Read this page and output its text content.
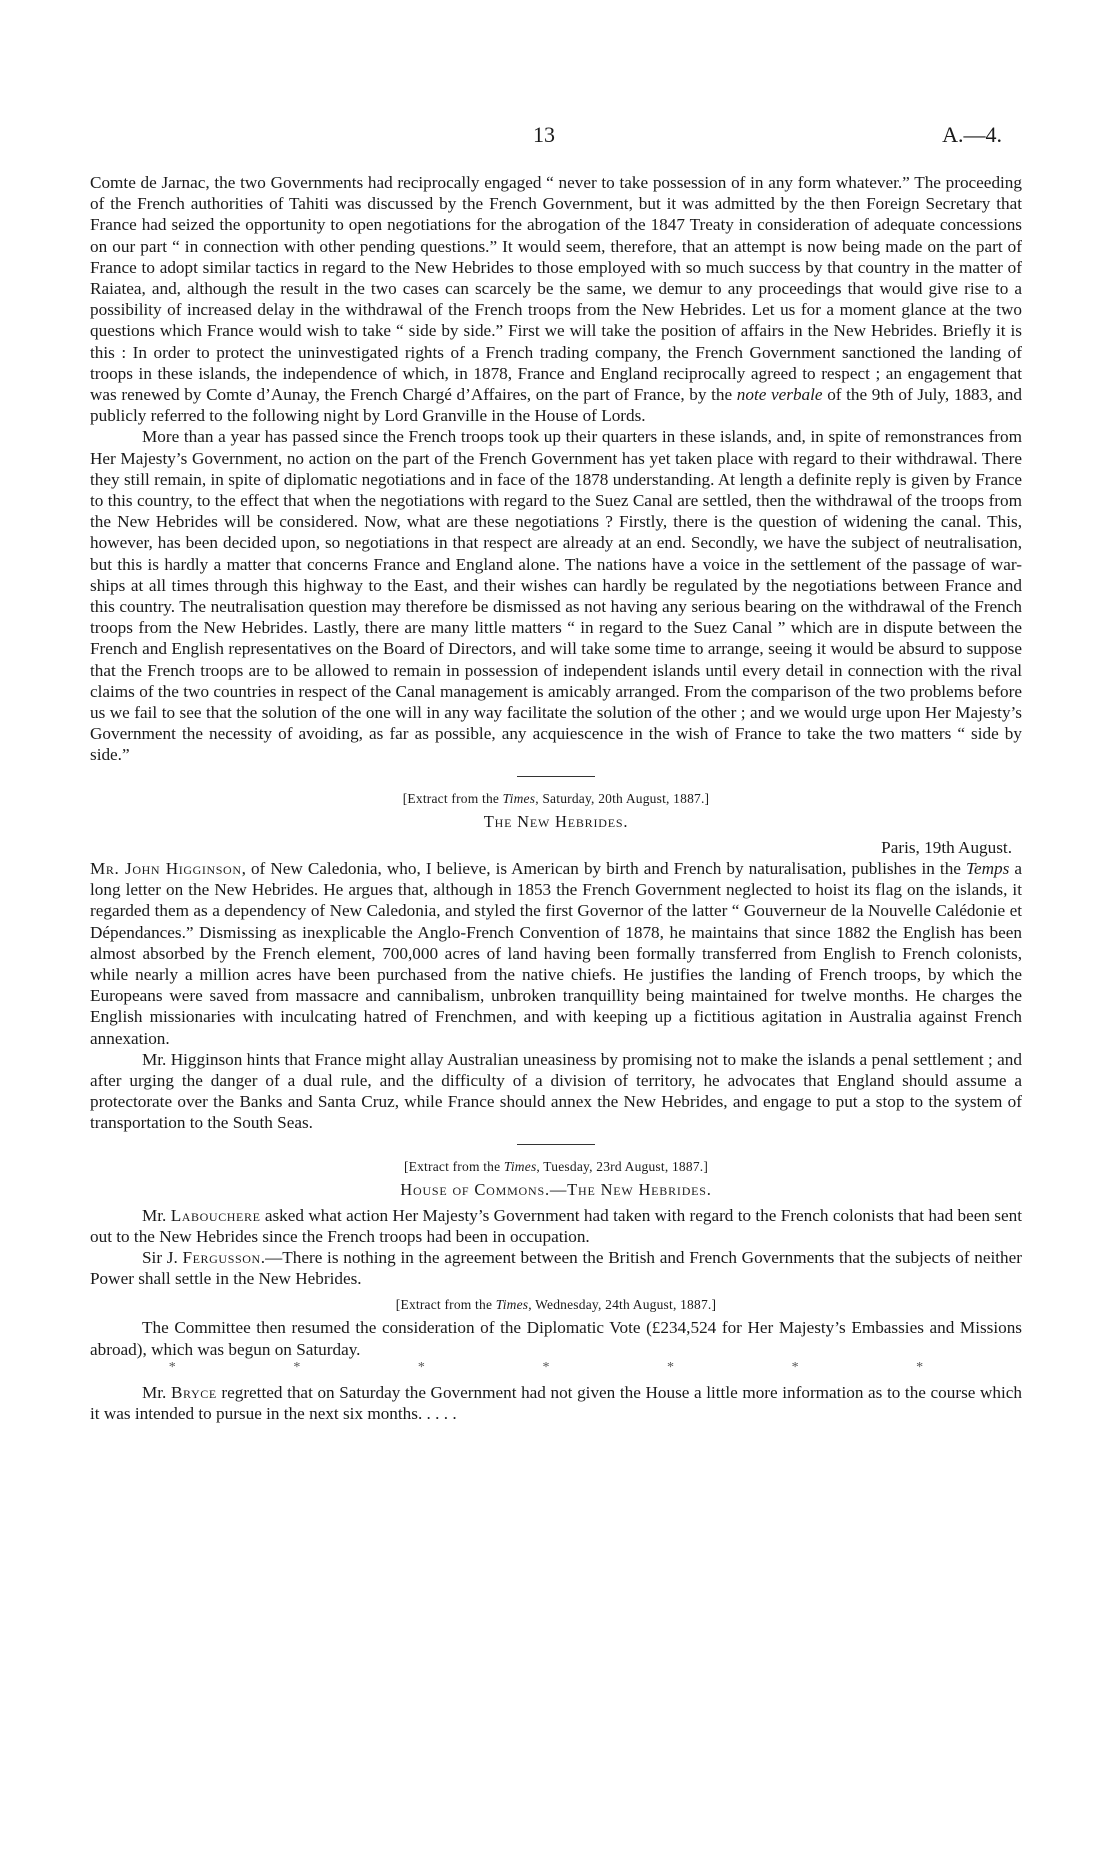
13	A.—4.

Comte de Jarnac, the two Governments had reciprocally engaged “ never to take possession of in any form whatever.” The proceeding of the French authorities of Tahiti was discussed by the French Government, but it was admitted by the then Foreign Secretary that France had seized the opportunity to open negotiations for the abrogation of the 1847 Treaty in consideration of adequate concessions on our part “ in connection with other pending questions.” It would seem, therefore, that an attempt is now being made on the part of France to adopt similar tactics in regard to the New Hebrides to those employed with so much success by that country in the matter of Raiatea, and, although the result in the two cases can scarcely be the same, we demur to any proceedings that would give rise to a possibility of increased delay in the withdrawal of the French troops from the New Hebrides. Let us for a moment glance at the two questions which France would wish to take “ side by side.” First we will take the position of affairs in the New Hebrides. Briefly it is this : In order to protect the uninvestigated rights of a French trading company, the French Government sanctioned the landing of troops in these islands, the independence of which, in 1878, France and England reciprocally agreed to respect ; an engagement that was renewed by Comte d’Aunay, the French Chargé d’Affaires, on the part of France, by the note verbale of the 9th of July, 1883, and publicly referred to the following night by Lord Granville in the House of Lords.

More than a year has passed since the French troops took up their quarters in these islands, and, in spite of remonstrances from Her Majesty’s Government, no action on the part of the French Government has yet taken place with regard to their withdrawal. There they still remain, in spite of diplomatic negotiations and in face of the 1878 understanding. At length a definite reply is given by France to this country, to the effect that when the negotiations with regard to the Suez Canal are settled, then the withdrawal of the troops from the New Hebrides will be considered. Now, what are these negotiations ? Firstly, there is the question of widening the canal. This, however, has been decided upon, so negotiations in that respect are already at an end. Secondly, we have the subject of neutralisation, but this is hardly a matter that concerns France and England alone. The nations have a voice in the settlement of the passage of war-ships at all times through this highway to the East, and their wishes can hardly be regulated by the negotiations between France and this country. The neutralisation question may therefore be dismissed as not having any serious bearing on the withdrawal of the French troops from the New Hebrides. Lastly, there are many little matters “ in regard to the Suez Canal ” which are in dispute between the French and English representatives on the Board of Directors, and will take some time to arrange, seeing it would be absurd to suppose that the French troops are to be allowed to remain in possession of independent islands until every detail in connection with the rival claims of the two countries in respect of the Canal management is amicably arranged. From the comparison of the two problems before us we fail to see that the solution of the one will in any way facilitate the solution of the other ; and we would urge upon Her Majesty’s Government the necessity of avoiding, as far as possible, any acquiescence in the wish of France to take the two matters “ side by side.”

[Extract from the Times, Saturday, 20th August, 1887.]
The New Hebrides.
Paris, 19th August.

Mr. John Higginson, of New Caledonia, who, I believe, is American by birth and French by naturalisation, publishes in the Temps a long letter on the New Hebrides. He argues that, although in 1853 the French Government neglected to hoist its flag on the islands, it regarded them as a dependency of New Caledonia, and styled the first Governor of the latter “ Gouverneur de la Nouvelle Calédonie et Dépendances.” Dismissing as inexplicable the Anglo-French Convention of 1878, he maintains that since 1882 the English has been almost absorbed by the French element, 700,000 acres of land having been formally transferred from English to French colonists, while nearly a million acres have been purchased from the native chiefs. He justifies the landing of French troops, by which the Europeans were saved from massacre and cannibalism, unbroken tranquillity being maintained for twelve months. He charges the English missionaries with inculcating hatred of Frenchmen, and with keeping up a fictitious agitation in Australia against French annexation.

Mr. Higginson hints that France might allay Australian uneasiness by promising not to make the islands a penal settlement ; and after urging the danger of a dual rule, and the difficulty of a division of territory, he advocates that England should assume a protectorate over the Banks and Santa Cruz, while France should annex the New Hebrides, and engage to put a stop to the system of transportation to the South Seas.

[Extract from the Times, Tuesday, 23rd August, 1887.]
House of Commons.—The New Hebrides.

Mr. Labouchere asked what action Her Majesty’s Government had taken with regard to the French colonists that had been sent out to the New Hebrides since the French troops had been in occupation.

Sir J. Fergusson.—There is nothing in the agreement between the British and French Governments that the subjects of neither Power shall settle in the New Hebrides.

[Extract from the Times, Wednesday, 24th August, 1887.]

The Committee then resumed the consideration of the Diplomatic Vote (£234,524 for Her Majesty’s Embassies and Missions abroad), which was begun on Saturday.

*	*	*	*	*	*	*

Mr. Bryce regretted that on Saturday the Government had not given the House a little more information as to the course which it was intended to pursue in the next six months. . . . .
